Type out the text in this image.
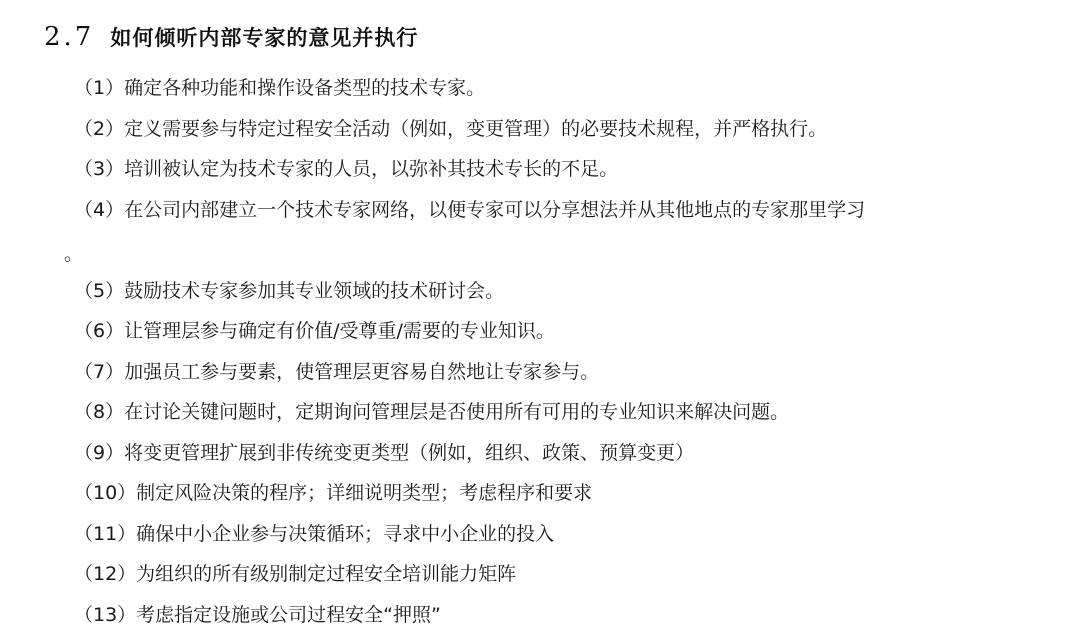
2.7 如何倾听内部专家的意见并执行
（1）确定各种功能和操作设备类型的技术专家。
（2）定义需要参与特定过程安全活动（例如，变更管理）的必要技术规程，并严格执行。
（3）培训被认定为技术专家的人员，以弥补其技术专长的不足。
（4）在公司内部建立一个技术专家网络，以便专家可以分享想法并从其他地点的专家那里学习
（5）鼓励技术专家参加其专业领域的技术研讨会。
（6）让管理层参与确定有价值/受尊重/需要的专业知识。
（7）加强员工参与要素，使管理层更容易自然地让专家参与。
（8）在讨论关键问题时，定期询问管理层是否使用所有可用的专业知识来解决问题。
（9）将变更管理扩展到非传统变更类型（例如，组织、政策、预算变更）
（10）制定风险决策的程序；详细说明类型；考虑程序和要求
（11）确保中小企业参与决策循环；寻求中小企业的投入
（12）为组织的所有级别制定过程安全培训能力矩阵
（13）考虑指定设施或公司过程安全“押照”
。
